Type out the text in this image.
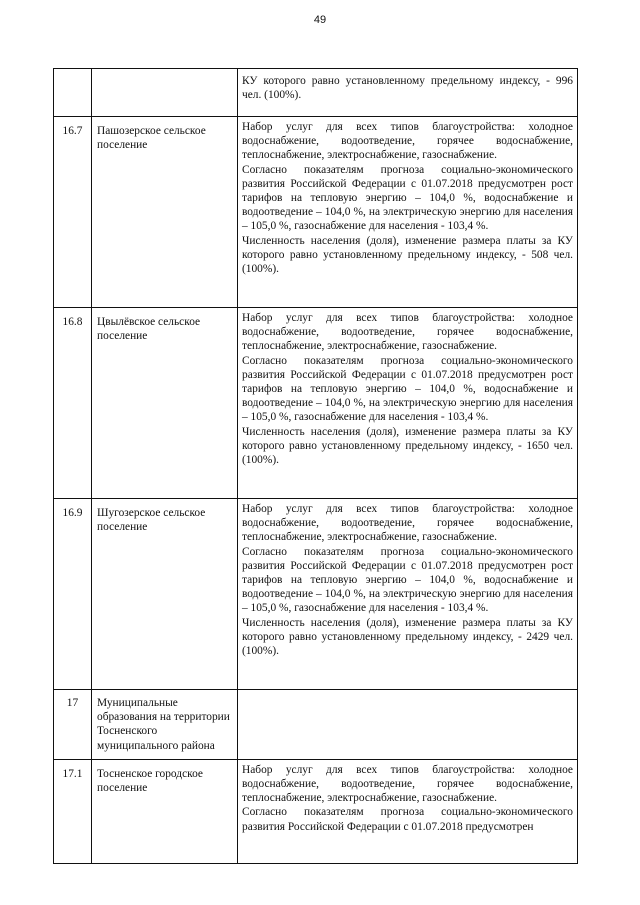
49

		КУ которого равно установленному предельному индексу, - 996 чел. (100%).

16.7	Пашозерское сельское поселение	Набор услуг для всех типов благоустройства: холодное водоснабжение, водоотведение, горячее водоснабжение, теплоснабжение, электроснабжение, газоснабжение.

Согласно показателям прогноза социально-экономического развития Российской Федерации с 01.07.2018 предусмотрен рост тарифов на тепловую энергию – 104,0 %, водоснабжение и водоотведение – 104,0 %, на электрическую энергию для населения – 105,0 %, газоснабжение для населения - 103,4 %.

Численность населения (доля), изменение размера платы за КУ которого равно установленному предельному индексу, - 508 чел. (100%).

16.8	Цвылёвское сельское поселение	Набор услуг для всех типов благоустройства: холодное водоснабжение, водоотведение, горячее водоснабжение, теплоснабжение, электроснабжение, газоснабжение.

Согласно показателям прогноза социально-экономического развития Российской Федерации с 01.07.2018 предусмотрен рост тарифов на тепловую энергию – 104,0 %, водоснабжение и водоотведение – 104,0 %, на электрическую энергию для населения – 105,0 %, газоснабжение для населения - 103,4 %.

Численность населения (доля), изменение размера платы за КУ которого равно установленному предельному индексу, - 1650 чел. (100%).

16.9	Шугозерское сельское поселение	Набор услуг для всех типов благоустройства: холодное водоснабжение, водоотведение, горячее водоснабжение, теплоснабжение, электроснабжение, газоснабжение.

Согласно показателям прогноза социально-экономического развития Российской Федерации с 01.07.2018 предусмотрен рост тарифов на тепловую энергию – 104,0 %, водоснабжение и водоотведение – 104,0 %, на электрическую энергию для населения – 105,0 %, газоснабжение для населения - 103,4 %.

Численность населения (доля), изменение размера платы за КУ которого равно установленному предельному индексу, - 2429 чел. (100%).

17	Муниципальные образования на территории Тосненского муниципального района	
17.1	Тосненское городское поселение	Набор услуг для всех типов благоустройства: холодное водоснабжение, водоотведение, горячее водоснабжение, теплоснабжение, электроснабжение, газоснабжение.

Согласно показателям прогноза социально-экономического развития Российской Федерации с 01.07.2018 предусмотрен
